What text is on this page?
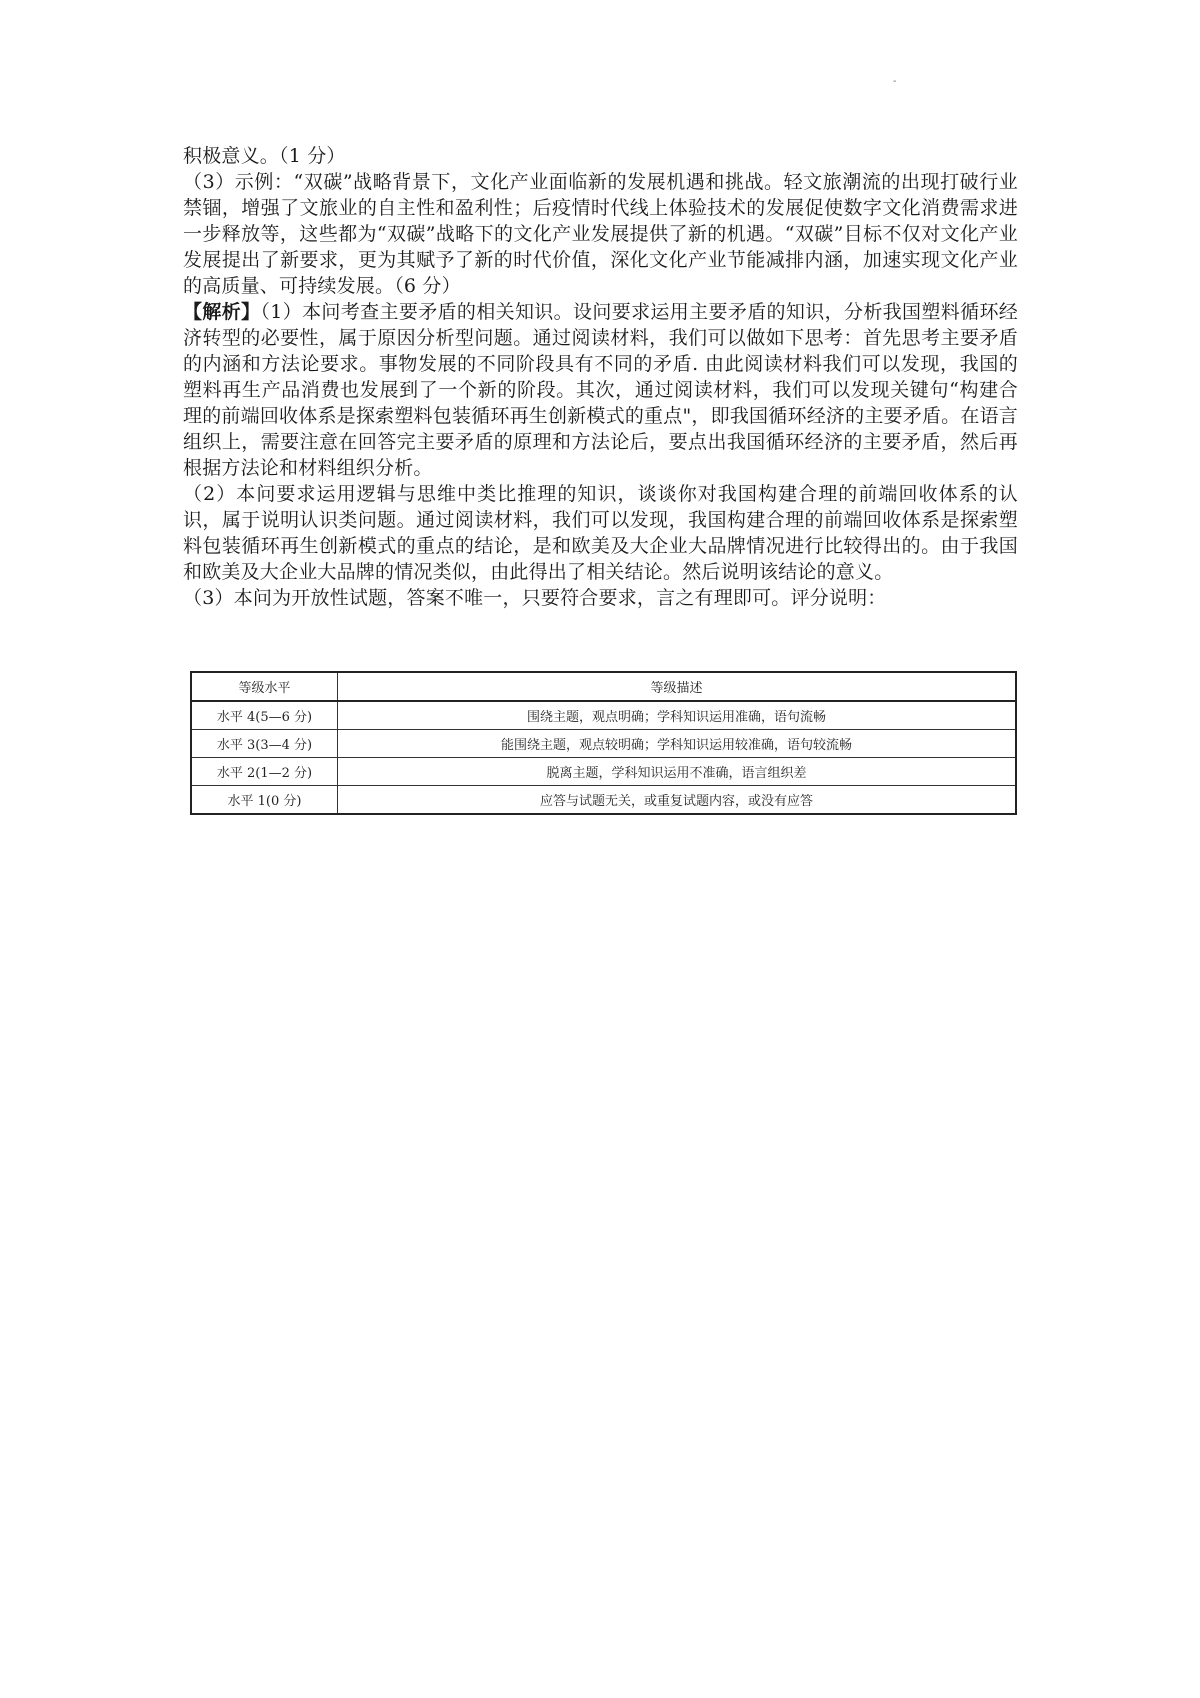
-

积极意义。（1 分）

（3）示例：“双碳”战略背景下，文化产业面临新的发展机遇和挑战。轻文旅潮流的出现打破行业禁锢，增强了文旅业的自主性和盈利性；后疫情时代线上体验技术的发展促使数字文化消费需求进一步释放等，这些都为“双碳”战略下的文化产业发展提供了新的机遇。“双碳”目标不仅对文化产业发展提出了新要求，更为其赋予了新的时代价值，深化文化产业节能减排内涵，加速实现文化产业的高质量、可持续发展。（6 分）

【解析】（1）本问考查主要矛盾的相关知识。设问要求运用主要矛盾的知识，分析我国塑料循环经济转型的必要性，属于原因分析型问题。通过阅读材料，我们可以做如下思考：首先思考主要矛盾的内涵和方法论要求。事物发展的不同阶段具有不同的矛盾. 由此阅读材料我们可以发现，我国的塑料再生产品消费也发展到了一个新的阶段。其次，通过阅读材料，我们可以发现关键句“构建合理的前端回收体系是探索塑料包装循环再生创新模式的重点"，即我国循环经济的主要矛盾。在语言组织上，需要注意在回答完主要矛盾的原理和方法论后，要点出我国循环经济的主要矛盾，然后再根据方法论和材料组织分析。

（2）本问要求运用逻辑与思维中类比推理的知识，谈谈你对我国构建合理的前端回收体系的认识，属于说明认识类问题。通过阅读材料，我们可以发现，我国构建合理的前端回收体系是探索塑料包装循环再生创新模式的重点的结论，是和欧美及大企业大品牌情况进行比较得出的。由于我国和欧美及大企业大品牌的情况类似，由此得出了相关结论。然后说明该结论的意义。

（3）本问为开放性试题，答案不唯一，只要符合要求，言之有理即可。评分说明：

等级水平	等级描述
水平 4(5—6 分)	围绕主题，观点明确；学科知识运用准确，语句流畅
水平 3(3—4 分)	能围绕主题，观点较明确；学科知识运用较准确，语句较流畅
水平 2(1—2 分)	脱离主题，学科知识运用不准确，语言组织差
水平 1(0 分)	应答与试题无关，或重复试题内容，或没有应答
